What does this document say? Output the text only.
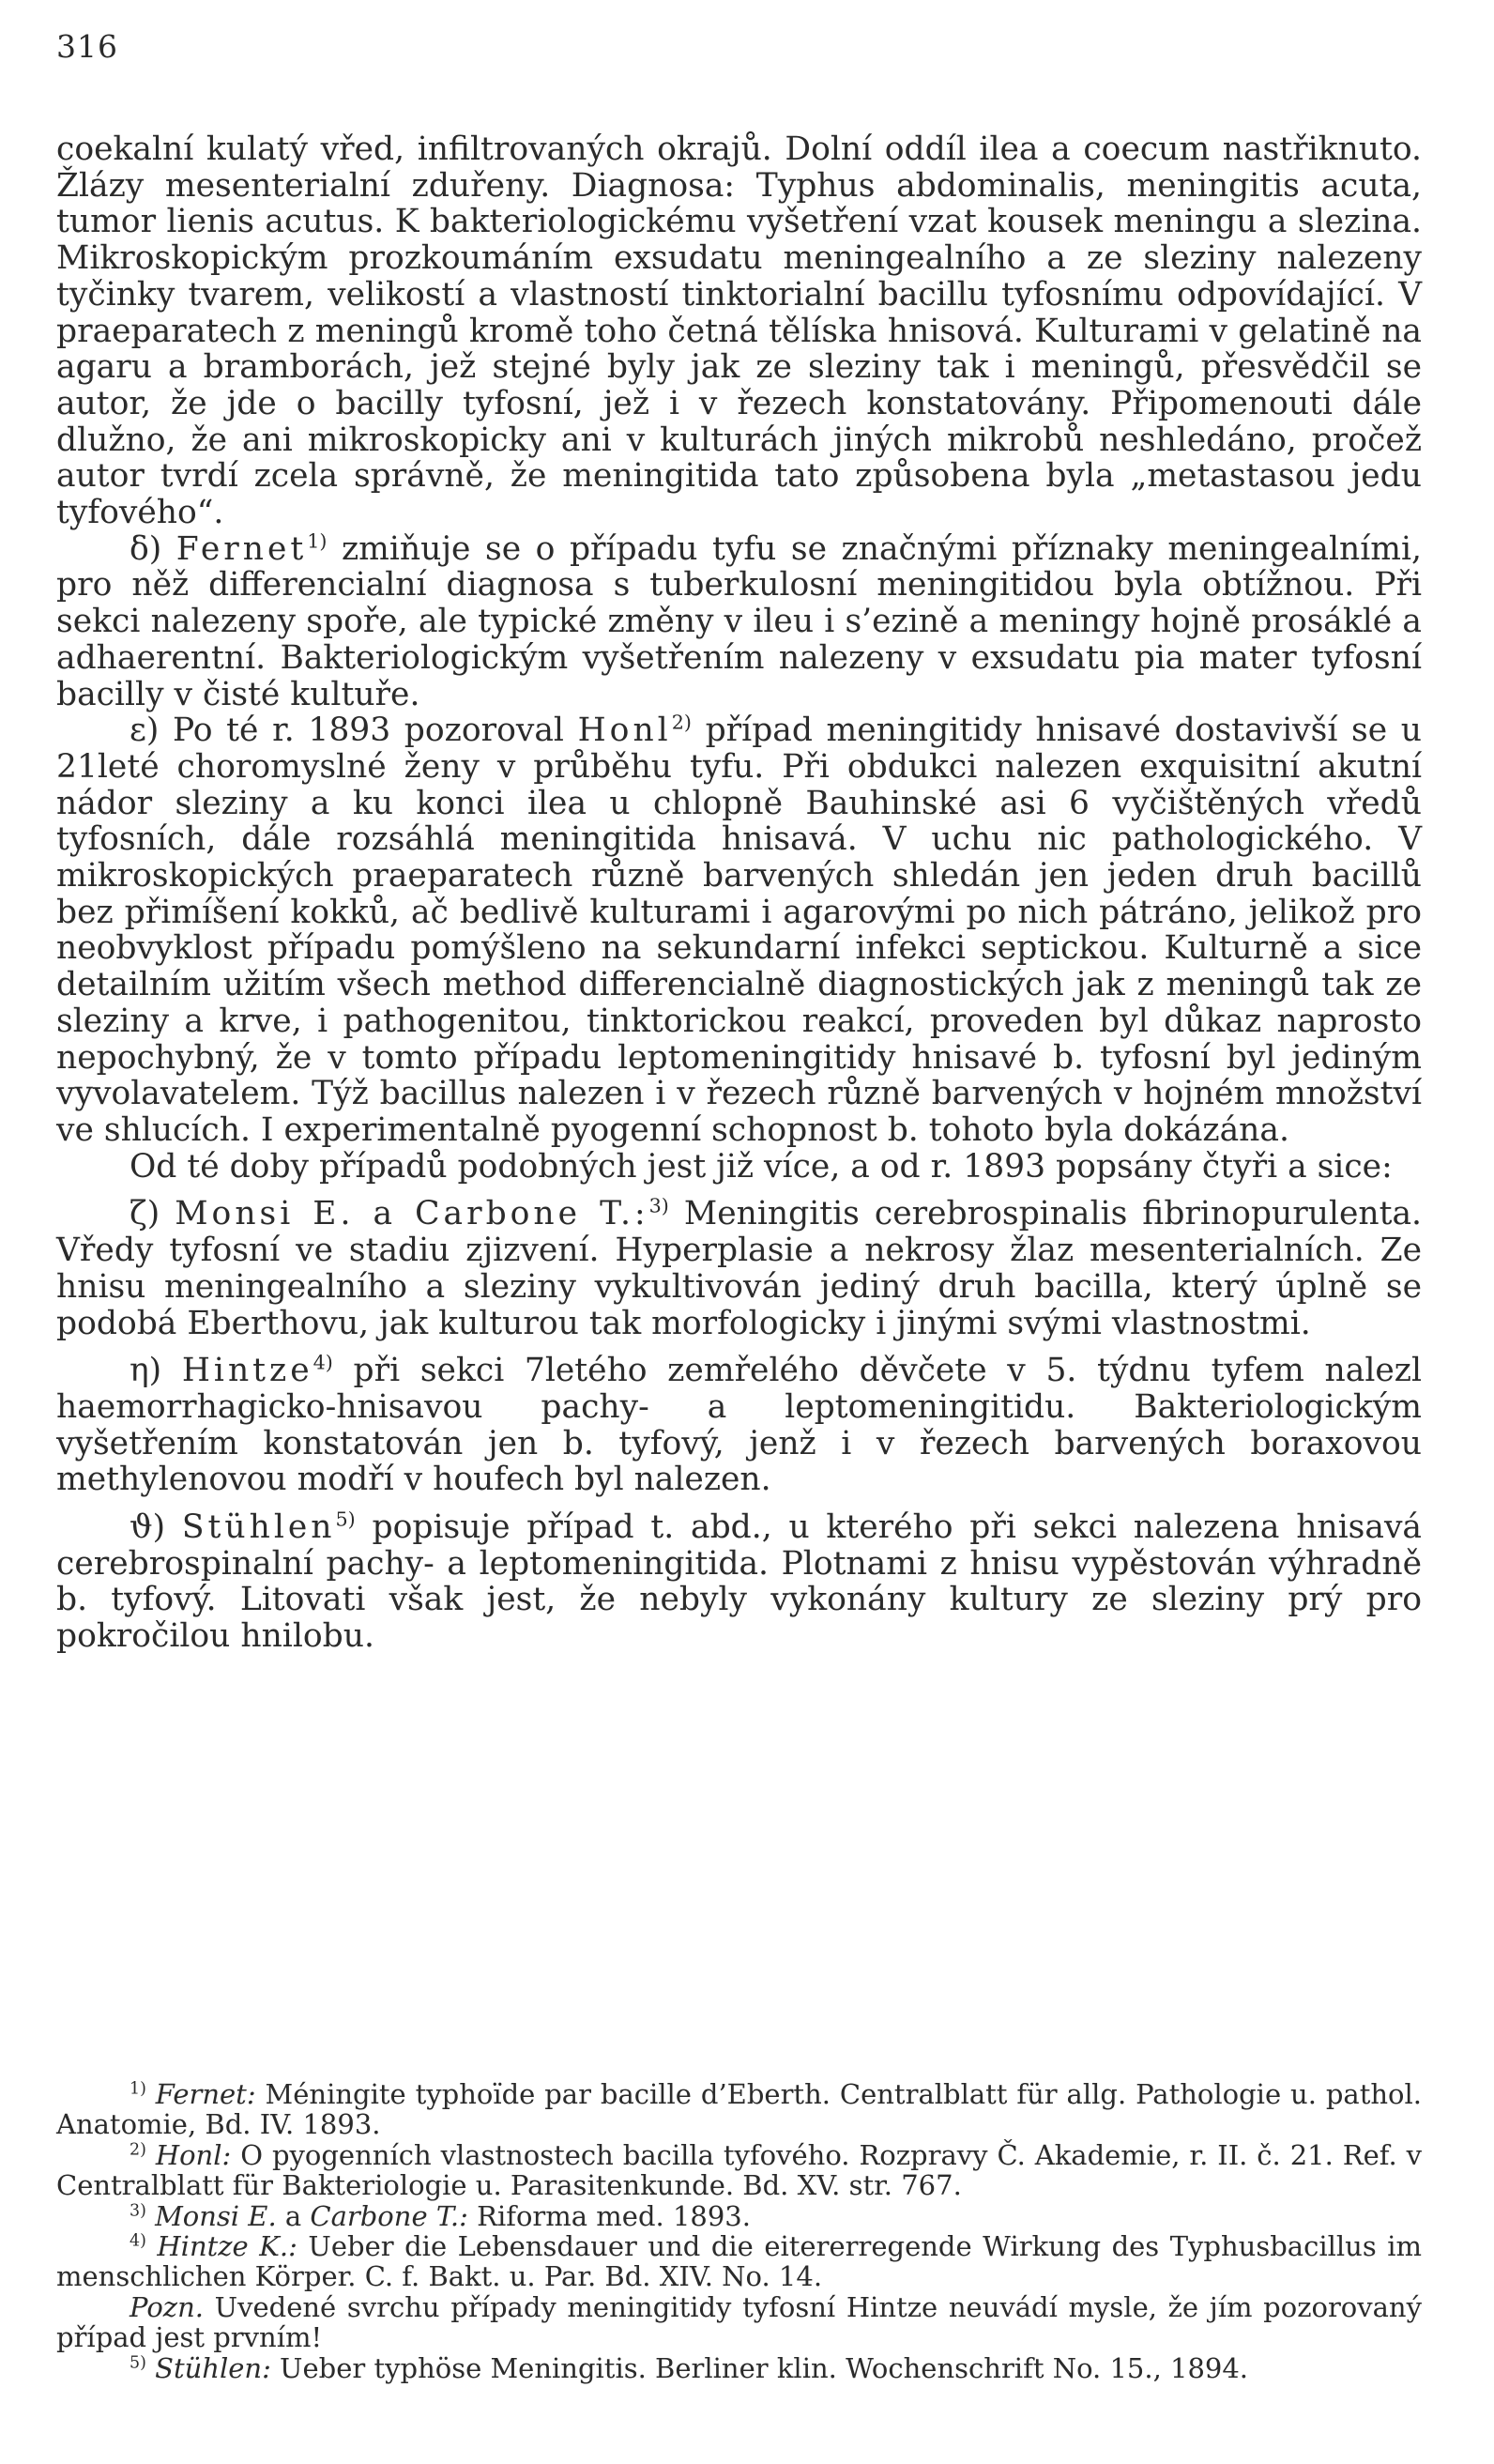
316

coekalní kulatý vřed, infiltrovaných okrajů. Dolní oddíl ilea a coecum nastřiknuto. Žlázy mesenterialní zduřeny. Diagnosa: Typhus abdominalis, meningitis acuta, tumor lienis acutus. K bakteriologickému vyšetření vzat kousek meningu a slezina. Mikroskopickým prozkoumáním exsudatu meningealního a ze sleziny nalezeny tyčinky tvarem, velikostí a vlastností tinktorialní bacillu tyfosnímu odpovídající. V praeparatech z meningů kromě toho četná tělíska hnisová. Kulturami v gelatině na agaru a bramborách, jež stejné byly jak ze sleziny tak i meningů, přesvědčil se autor, že jde o bacilly tyfosní, jež i v řezech konstatovány. Připomenouti dále dlužno, že ani mikroskopicky ani v kulturách jiných mikrobů neshledáno, pročež autor tvrdí zcela správně, že meningitida tato způsobena byla „metastasou jedu tyfového“.

δ) Fernet$^{1)}$ zmiňuje se o případu tyfu se značnými příznaky meningealními, pro něž differencialní diagnosa s tuberkulosní meningitidou byla obtížnou. Při sekci nalezeny spoře, ale typické změny v ileu i s’ezině a meningy hojně prosáklé a adhaerentní. Bakteriologickým vyšetřením nalezeny v exsudatu pia mater tyfosní bacilly v čisté kultuře.

ε) Po té r. 1893 pozoroval Honl$^{2)}$ případ meningitidy hnisavé dostavivší se u 21leté choromyslné ženy v průběhu tyfu. Při obdukci nalezen exquisitní akutní nádor sleziny a ku konci ilea u chlopně Bauhinské asi 6 vyčištěných vředů tyfosních, dále rozsáhlá meningitida hnisavá. V uchu nic pathologického. V mikroskopických praeparatech různě barvených shledán jen jeden druh bacillů bez přimíšení kokků, ač bedlivě kulturami i agarovými po nich pátráno, jelikož pro neobvyklost případu pomýšleno na sekundarní infekci septickou. Kulturně a sice detailním užitím všech method differencialně diagnostických jak z meningů tak ze sleziny a krve, i pathogenitou, tinktorickou reakcí, proveden byl důkaz naprosto nepochybný, že v tomto případu leptomeningitidy hnisavé b. tyfosní byl jediným vyvolavatelem. Týž bacillus nalezen i v řezech různě barvených v hojném množství ve shlucích. I experimentalně pyogenní schopnost b. tohoto byla dokázána.

Od té doby případů podobných jest již více, a od r. 1893 popsány čtyři a sice:

ζ) Monsi E. a Carbone T.:$^{3)}$ Meningitis cerebrospinalis fibrinopurulenta. Vředy tyfosní ve stadiu zjizvení. Hyperplasie a nekrosy žlaz mesenterialních. Ze hnisu meningealního a sleziny vykultivován jediný druh bacilla, který úplně se podobá Eberthovu, jak kulturou tak morfologicky i jinými svými vlastnostmi.

η) Hintze$^{4)}$ při sekci 7letého zemřelého děvčete v 5. týdnu tyfem nalezl haemorrhagicko-hnisavou pachy- a leptomeningitidu. Bakteriologickým vyšetřením konstatován jen b. tyfový, jenž i v řezech barvených boraxovou methylenovou modří v houfech byl nalezen.

ϑ) Stühlen$^{5)}$ popisuje případ t. abd., u kterého při sekci nalezena hnisavá cerebrospinalní pachy- a leptomeningitida. Plotnami z hnisu vypěstován výhradně b. tyfový. Litovati však jest, že nebyly vykonány kultury ze sleziny prý pro pokročilou hnilobu.

$^{1)}$ Fernet: Méningite typhoïde par bacille d’Eberth. Centralblatt für allg. Pathologie u. pathol. Anatomie, Bd. IV. 1893.

$^{2)}$ Honl: O pyogenních vlastnostech bacilla tyfového. Rozpravy Č. Akademie, r. II. č. 21. Ref. v Centralblatt für Bakteriologie u. Parasitenkunde. Bd. XV. str. 767.

$^{3)}$ Monsi E. a Carbone T.: Riforma med. 1893.

$^{4)}$ Hintze K.: Ueber die Lebensdauer und die eitererregende Wirkung des Typhusbacillus im menschlichen Körper. C. f. Bakt. u. Par. Bd. XIV. No. 14.

Pozn. Uvedené svrchu případy meningitidy tyfosní Hintze neuvádí mysle, že jím pozorovaný případ jest prvním!

$^{5)}$ Stühlen: Ueber typhöse Meningitis. Berliner klin. Wochenschrift No. 15., 1894.
